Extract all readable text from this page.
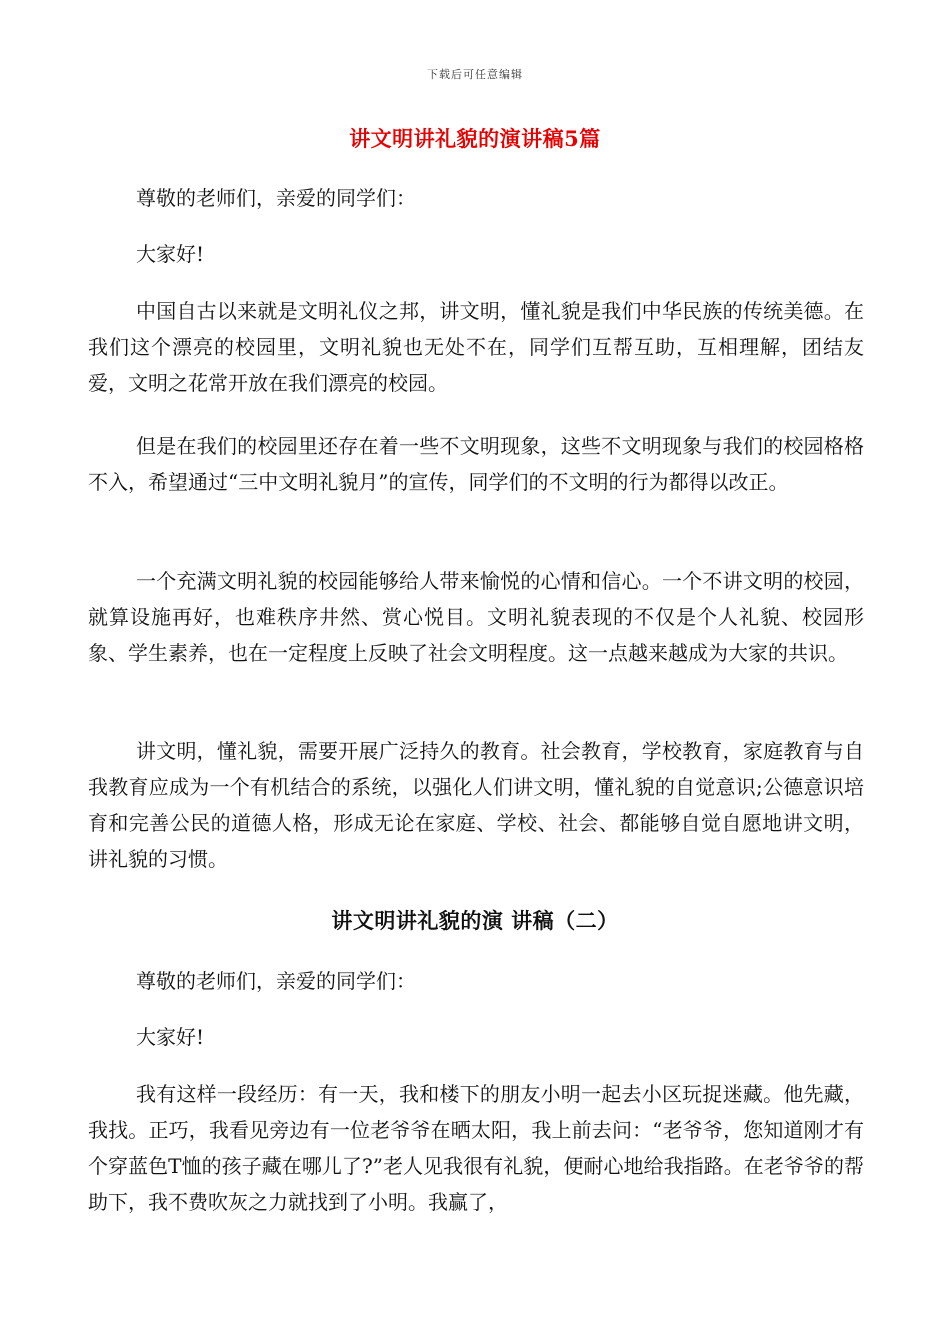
下载后可任意编辑
讲文明讲礼貌的演讲稿5篇

尊敬的老师们，亲爱的同学们：

大家好!

中国自古以来就是文明礼仪之邦，讲文明，懂礼貌是我们中华民族的传统美德。在我们这个漂亮的校园里，文明礼貌也无处不在，同学们互帮互助，互相理解，团结友爱，文明之花常开放在我们漂亮的校园。

但是在我们的校园里还存在着一些不文明现象，这些不文明现象与我们的校园格格不入，希望通过“三中文明礼貌月”的宣传，同学们的不文明的行为都得以改正。

一个充满文明礼貌的校园能够给人带来愉悦的心情和信心。一个不讲文明的校园，就算设施再好，也难秩序井然、赏心悦目。文明礼貌表现的不仅是个人礼貌、校园形象、学生素养，也在一定程度上反映了社会文明程度。这一点越来越成为大家的共识。

讲文明，懂礼貌，需要开展广泛持久的教育。社会教育，学校教育，家庭教育与自我教育应成为一个有机结合的系统，以强化人们讲文明，懂礼貌的自觉意识;公德意识培育和完善公民的道德人格，形成无论在家庭、学校、社会、都能够自觉自愿地讲文明，讲礼貌的习惯。

讲文明讲礼貌的演 讲稿（二）

尊敬的老师们，亲爱的同学们：

大家好!

我有这样一段经历：有一天，我和楼下的朋友小明一起去小区玩捉迷藏。他先藏，我找。正巧，我看见旁边有一位老爷爷在晒太阳，我上前去问：“老爷爷，您知道刚才有个穿蓝色T恤的孩子藏在哪儿了?”老人见我很有礼貌，便耐心地给我指路。在老爷爷的帮助下，我不费吹灰之力就找到了小明。我赢了，
